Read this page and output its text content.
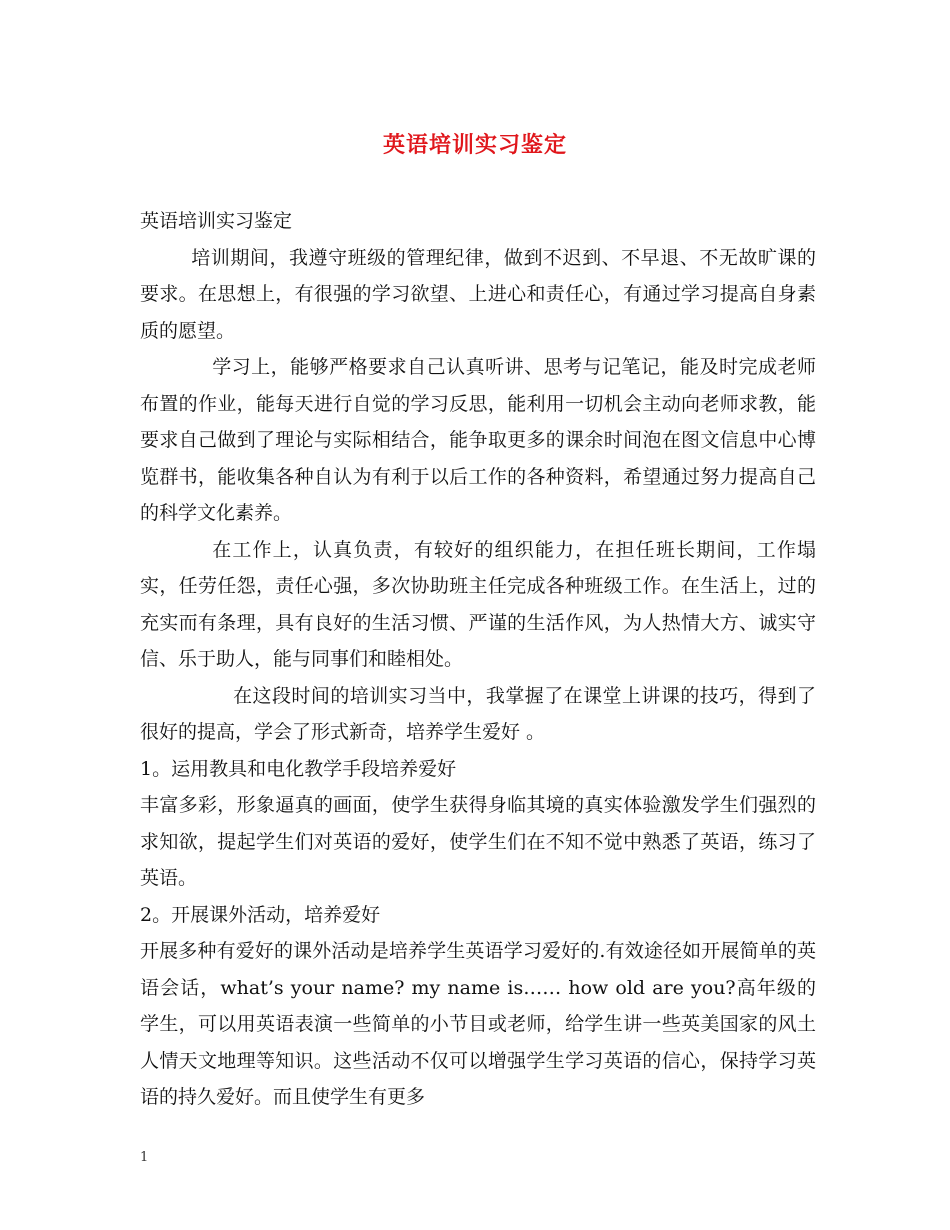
英语培训实习鉴定

英语培训实习鉴定

培训期间，我遵守班级的管理纪律，做到不迟到、不早退、不无故旷课的要求。在思想上，有很强的学习欲望、上进心和责任心，有通过学习提高自身素质的愿望。

学习上，能够严格要求自己认真听讲、思考与记笔记，能及时完成老师布置的作业，能每天进行自觉的学习反思，能利用一切机会主动向老师求教，能要求自己做到了理论与实际相结合，能争取更多的课余时间泡在图文信息中心博览群书，能收集各种自认为有利于以后工作的各种资料，希望通过努力提高自己的科学文化素养。

在工作上，认真负责，有较好的组织能力，在担任班长期间，工作塌实，任劳任怨，责任心强，多次协助班主任完成各种班级工作。在生活上，过的充实而有条理，具有良好的生活习惯、严谨的生活作风，为人热情大方、诚实守信、乐于助人，能与同事们和睦相处。

在这段时间的培训实习当中，我掌握了在课堂上讲课的技巧，得到了很好的提高，学会了形式新奇，培养学生爱好 。

1。运用教具和电化教学手段培养爱好

丰富多彩，形象逼真的画面，使学生获得身临其境的真实体验激发学生们强烈的求知欲，提起学生们对英语的爱好，使学生们在不知不觉中熟悉了英语，练习了英语。

2。开展课外活动，培养爱好

开展多种有爱好的课外活动是培养学生英语学习爱好的.有效途径如开展简单的英语会话，what’s your name? my name is…… how old are you?高年级的学生，可以用英语表演一些简单的小节目或老师，给学生讲一些英美国家的风土人情天文地理等知识。这些活动不仅可以增强学生学习英语的信心，保持学习英语的持久爱好。而且使学生有更多

1
